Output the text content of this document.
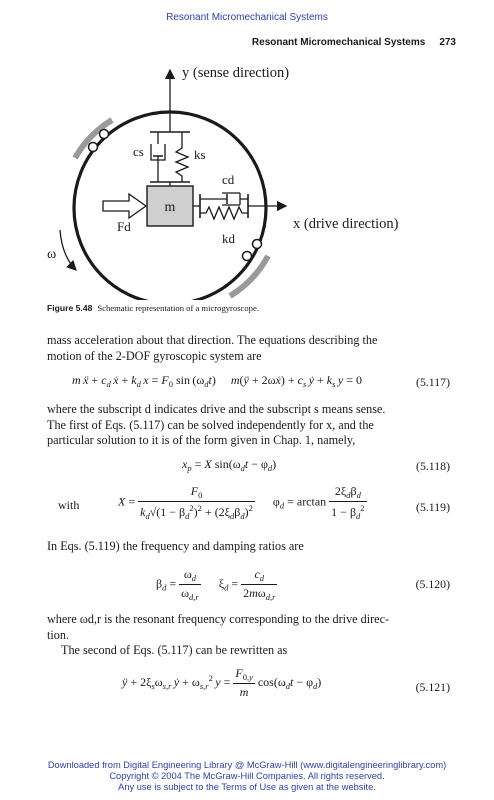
Resonant Micromechanical Systems
Resonant Micromechanical Systems 273
y (sense direction)
cs	ks
m
Fd
cd
kd
x (drive direction)
ω
Figure 5.48 Schematic representation of a microgyroscope.
mass acceleration about that direction. The equations describing the
motion of the 2-DOF gyroscopic system are
m  ẍ + $c_d$  ẋ + $k_d$  $x = F_0$ $\sin (\omega_dt)$     m(ÿ + 2ωẋ) + $c_s$  ẏ + $k_s$  y = 0	(5.117)
where the subscript d indicates drive and the subscript s means sense.
The first of Eqs. (5.117) can be solved independently for x, and the
particular solution to it is of the form given in Chap. 1, namely,
$x_p = X$ $\sin(\omega_dt - \varphi_d)$	(5.118)
with	$X = \frac{F_0}{k_d√(1 - \beta_d^2)^2 + (2\xi_d\beta_d)^2} \varphi_d = \arctan \frac{2\xi_d\beta_d}{1 - \beta_d^2}$	(5.119)
In Eqs. (5.119) the frequency and damping ratios are
$\beta_d = \frac{\omega_d}{\omega_{d,r}} \xi_d = \frac{c_d}{2m\omega_{d,r}}$	(5.120)
where ωd,r is the resonant frequency corresponding to the drive direc-
tion.
The second of Eqs. (5.117) can be rewritten as
ÿ + $2\xi_s\omega_{s,r}$  ẏ + $\omega_{s,r}^2$  $y = \frac{F_{0,y}}{m} \cos(\omega_dt - \varphi_d)$	(5.121)
Downloaded from Digital Engineering Library @ McGraw-Hill (www.digitalengineeringlibrary.com)
Copyright © 2004 The McGraw-Hill Companies. All rights reserved.
Any use is subject to the Terms of Use as given at the website.
